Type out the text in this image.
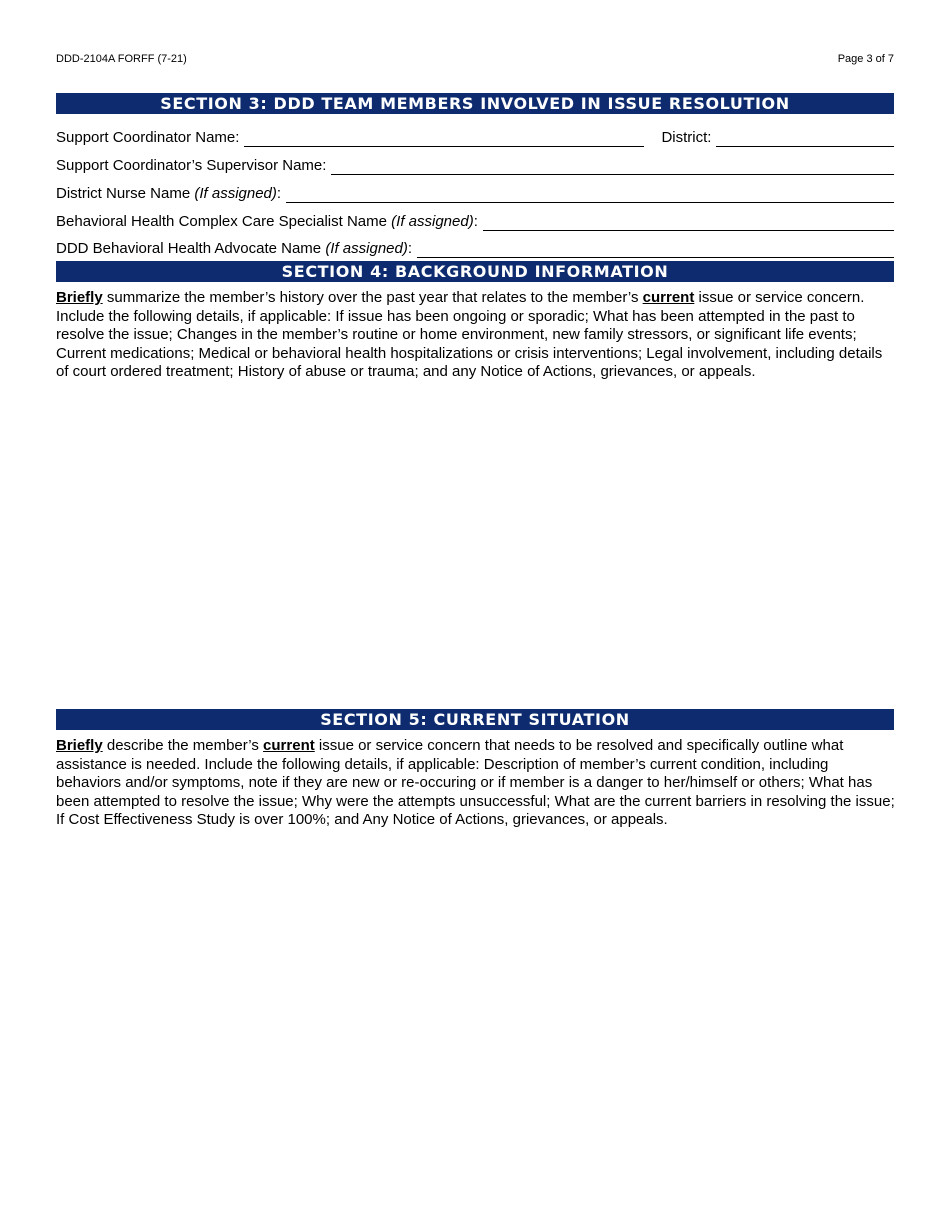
DDD-2104A FORFF (7-21)	Page 3 of 7
SECTION 3: DDD TEAM MEMBERS INVOLVED IN ISSUE RESOLUTION
Support Coordinator Name:	District:
Support Coordinator’s Supervisor Name:
District Nurse Name (If assigned):
Behavioral Health Complex Care Specialist Name (If assigned):
DDD Behavioral Health Advocate Name (If assigned):
SECTION 4: BACKGROUND INFORMATION
Briefly summarize the member’s history over the past year that relates to the member’s current issue or service concern. Include the following details, if applicable: If issue has been ongoing or sporadic; What has been attempted in the past to resolve the issue; Changes in the member’s routine or home environment, new family stressors, or significant life events; Current medications; Medical or behavioral health hospitalizations or crisis interventions; Legal involvement, including details of court ordered treatment; History of abuse or trauma; and any Notice of Actions, grievances, or appeals.
SECTION 5: CURRENT SITUATION
Briefly describe the member’s current issue or service concern that needs to be resolved and specifically outline what assistance is needed. Include the following details, if applicable: Description of member’s current condition, including behaviors and/or symptoms, note if they are new or re-occuring or if member is a danger to her/himself or others; What has been attempted to resolve the issue; Why were the attempts unsuccessful; What are the current barriers in resolving the issue; If Cost Effectiveness Study is over 100%; and Any Notice of Actions, grievances, or appeals.
